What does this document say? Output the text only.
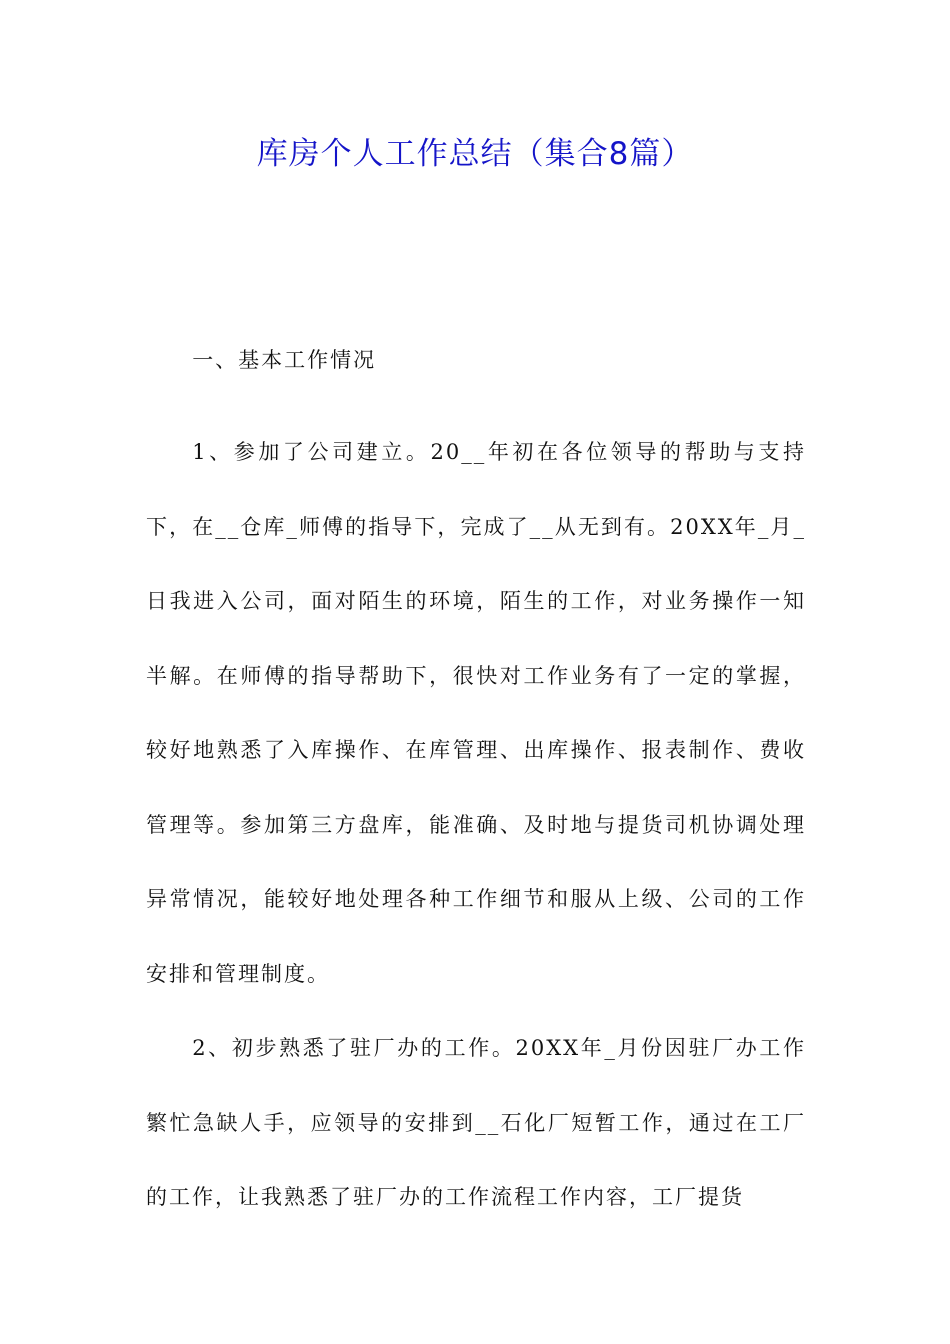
库房个人工作总结（集合8篇）

一、基本工作情况

1、参加了公司建立。20__年初在各位领导的帮助与支持下，在__仓库_师傅的指导下，完成了__从无到有。20XX年_月_日我进入公司，面对陌生的环境，陌生的工作，对业务操作一知半解。在师傅的指导帮助下，很快对工作业务有了一定的掌握，较好地熟悉了入库操作、在库管理、出库操作、报表制作、费收管理等。参加第三方盘库，能准确、及时地与提货司机协调处理异常情况，能较好地处理各种工作细节和服从上级、公司的工作安排和管理制度。

2、初步熟悉了驻厂办的工作。20XX年_月份因驻厂办工作繁忙急缺人手，应领导的安排到__石化厂短暂工作，通过在工厂的工作，让我熟悉了驻厂办的工作流程工作内容，工厂提货
